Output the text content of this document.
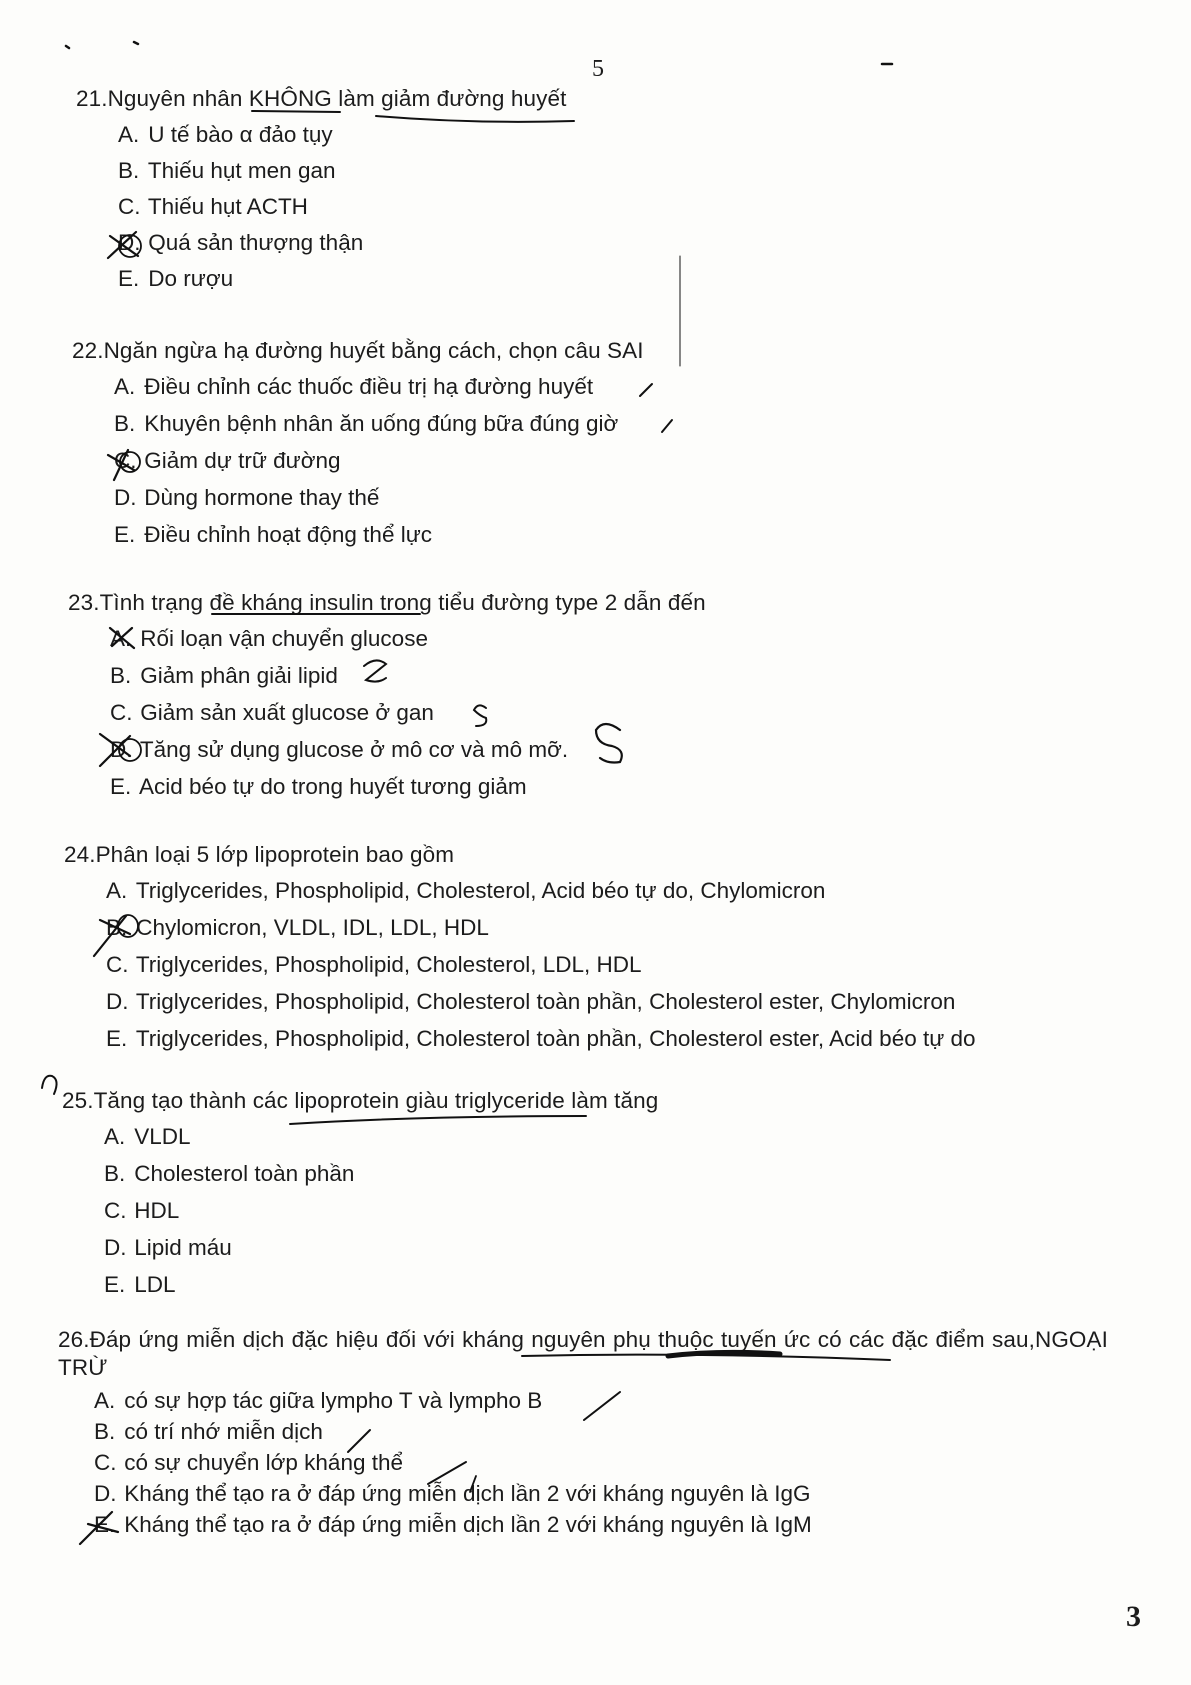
5
21.Nguyên nhân KHÔNG làm giảm đường huyết
A. U tế bào α đảo tụy
B. Thiếu hụt men gan
C. Thiếu hụt ACTH
D. Quá sản thượng thận
E. Do rượu
22.Ngăn ngừa hạ đường huyết bằng cách, chọn câu SAI
A. Điều chỉnh các thuốc điều trị hạ đường huyết
B. Khuyên bệnh nhân ăn uống đúng bữa đúng giờ
C. Giảm dự trữ đường
D. Dùng hormone thay thế
E. Điều chỉnh hoạt động thể lực
23.Tình trạng đề kháng insulin trong tiểu đường type 2 dẫn đến
A. Rối loạn vận chuyển glucose
B. Giảm phân giải lipid
C. Giảm sản xuất glucose ở gan
D. Tăng sử dụng glucose ở mô cơ và mô mỡ.
E. Acid béo tự do trong huyết tương giảm
24.Phân loại 5 lớp lipoprotein bao gồm
A. Triglycerides, Phospholipid, Cholesterol, Acid béo tự do, Chylomicron
B. Chylomicron, VLDL, IDL, LDL, HDL
C. Triglycerides, Phospholipid, Cholesterol, LDL, HDL
D. Triglycerides, Phospholipid, Cholesterol toàn phần, Cholesterol ester, Chylomicron
E. Triglycerides, Phospholipid, Cholesterol toàn phần, Cholesterol ester, Acid béo tự do
25.Tăng tạo thành các lipoprotein giàu triglyceride làm tăng
A. VLDL
B. Cholesterol toàn phần
C. HDL
D. Lipid máu
E. LDL
26.Đáp ứng miễn dịch đặc hiệu đối với kháng nguyên phụ thuộc tuyến ức có các đặc điểm sau,NGOẠI TRỪ
A. có sự hợp tác giữa lympho T và lympho B
B. có trí nhớ miễn dịch
C. có sự chuyển lớp kháng thể
D. Kháng thể tạo ra ở đáp ứng miễn dịch lần 2 với kháng nguyên là IgG
E. Kháng thể tạo ra ở đáp ứng miễn dịch lần 2 với kháng nguyên là IgM
3
